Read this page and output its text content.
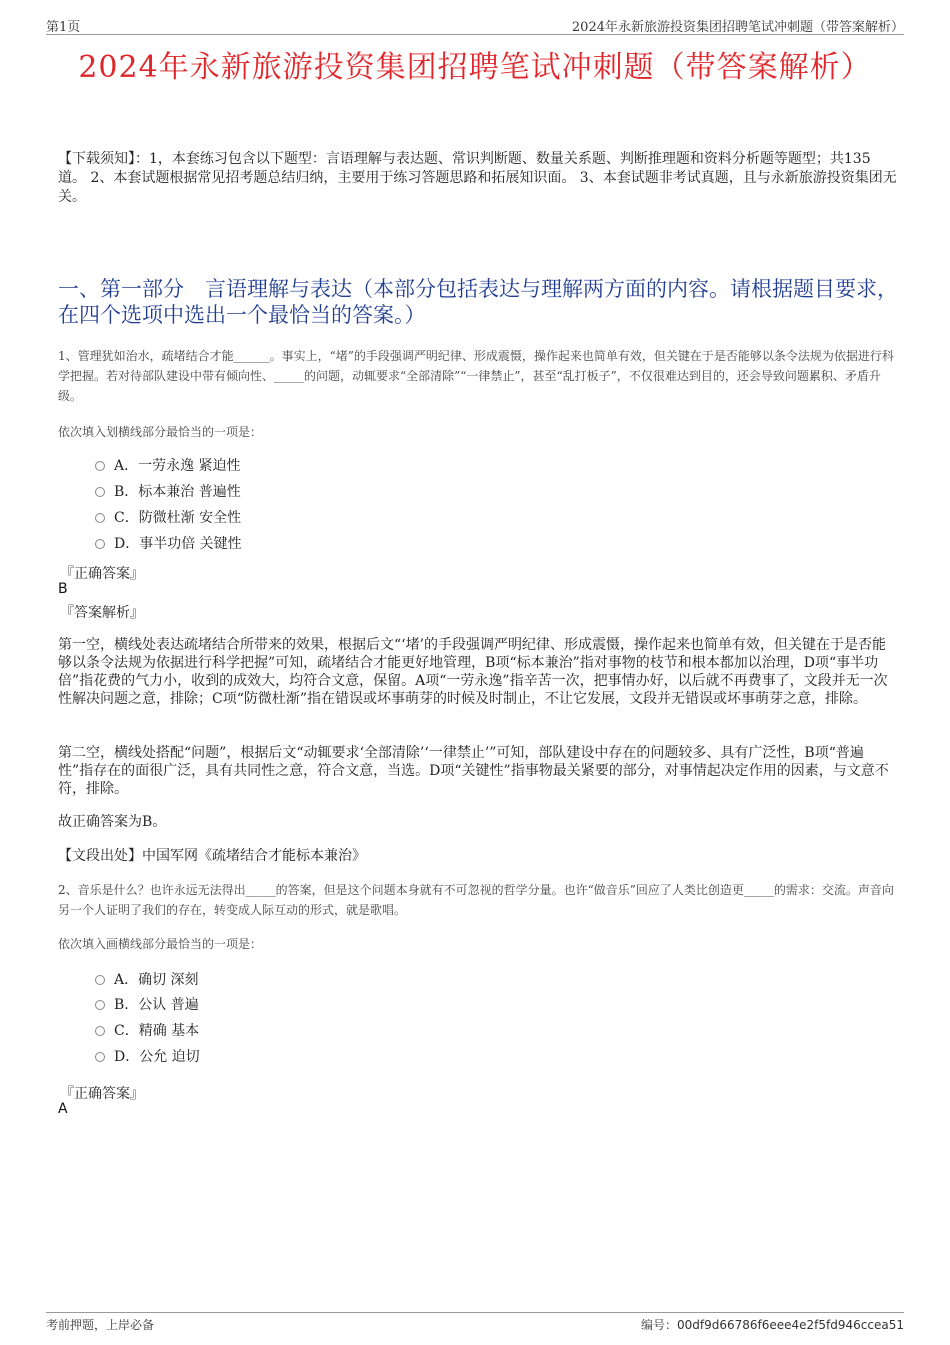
第1页	2024年永新旅游投资集团招聘笔试冲刺题（带答案解析）
2024年永新旅游投资集团招聘笔试冲刺题（带答案解析）
【下载须知】：1，本套练习包含以下题型：言语理解与表达题、常识判断题、数量关系题、判断推理题和资料分析题等题型；共135道。 2、本套试题根据常见招考题总结归纳，主要用于练习答题思路和拓展知识面。 3、本套试题非考试真题，且与永新旅游投资集团无关。
一、第一部分　言语理解与表达（本部分包括表达与理解两方面的内容。请根据题目要求，在四个选项中选出一个最恰当的答案。）
1、管理犹如治水，疏堵结合才能______。事实上，“堵”的手段强调严明纪律、形成震慑，操作起来也简单有效，但关键在于是否能够以条令法规为依据进行科学把握。若对待部队建设中带有倾向性、_____的问题，动辄要求“全部清除”“一律禁止”，甚至“乱打板子”，不仅很难达到目的，还会导致问题累积、矛盾升级。
依次填入划横线部分最恰当的一项是：
A．一劳永逸 紧迫性
B．标本兼治 普遍性
C．防微杜渐 安全性
D．事半功倍 关键性
『正确答案』
B
『答案解析』
第一空，横线处表达疏堵结合所带来的效果，根据后文“‘堵’的手段强调严明纪律、形成震慑，操作起来也简单有效，但关键在于是否能够以条令法规为依据进行科学把握”可知，疏堵结合才能更好地管理，B项“标本兼治”指对事物的枝节和根本都加以治理，D项“事半功倍”指花费的气力小，收到的成效大，均符合文意，保留。A项“一劳永逸”指辛苦一次，把事情办好，以后就不再费事了，文段并无一次性解决问题之意，排除；C项“防微杜渐”指在错误或坏事萌芽的时候及时制止，不让它发展，文段并无错误或坏事萌芽之意，排除。
第二空，横线处搭配“问题”，根据后文“动辄要求‘全部清除’‘一律禁止’”可知，部队建设中存在的问题较多、具有广泛性，B项“普遍性”指存在的面很广泛，具有共同性之意，符合文意，当选。D项“关键性”指事物最关紧要的部分，对事情起决定作用的因素，与文意不符，排除。
故正确答案为B。
【文段出处】中国军网《疏堵结合才能标本兼治》
2、音乐是什么？也许永远无法得出_____的答案，但是这个问题本身就有不可忽视的哲学分量。也许“做音乐”回应了人类比创造更_____的需求：交流。声音向另一个人证明了我们的存在，转变成人际互动的形式，就是歌唱。
依次填入画横线部分最恰当的一项是：
A．确切 深刻
B．公认 普遍
C．精确 基本
D．公允 迫切
『正确答案』
A
考前押题，上岸必备	编号：00df9d66786f6eee4e2f5fd946ccea51
